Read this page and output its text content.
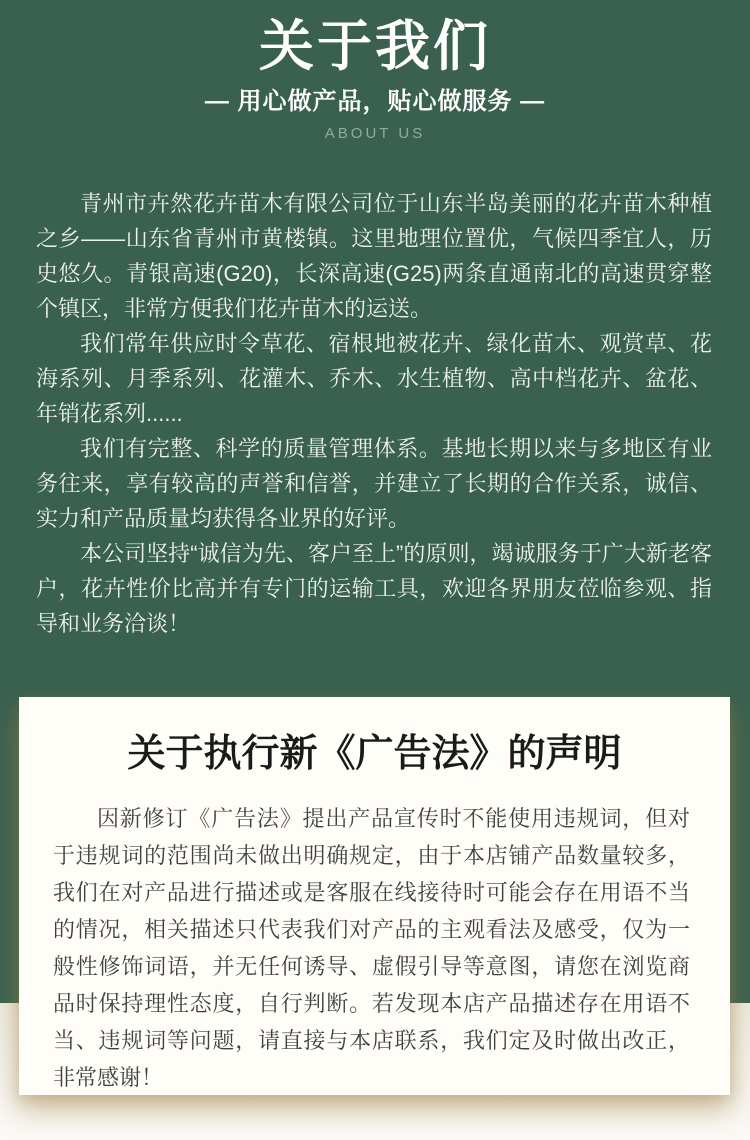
关于我们
— 用心做产品，贴心做服务 —
ABOUT US

青州市卉然花卉苗木有限公司位于山东半岛美丽的花卉苗木种植之乡——山东省青州市黄楼镇。这里地理位置优，气候四季宜人，历史悠久。青银高速(G20)，长深高速(G25)两条直通南北的高速贯穿整个镇区，非常方便我们花卉苗木的运送。

我们常年供应时令草花、宿根地被花卉、绿化苗木、观赏草、花海系列、月季系列、花灌木、乔木、水生植物、高中档花卉、盆花、年销花系列......

我们有完整、科学的质量管理体系。基地长期以来与多地区有业务往来，享有较高的声誉和信誉，并建立了长期的合作关系，诚信、实力和产品质量均获得各业界的好评。

本公司坚持“诚信为先、客户至上”的原则，竭诚服务于广大新老客户，花卉性价比高并有专门的运输工具，欢迎各界朋友莅临参观、指导和业务洽谈！

关于执行新《广告法》的声明

因新修订《广告法》提出产品宣传时不能使用违规词，但对于违规词的范围尚未做出明确规定，由于本店铺产品数量较多，我们在对产品进行描述或是客服在线接待时可能会存在用语不当的情况，相关描述只代表我们对产品的主观看法及感受，仅为一般性修饰词语，并无任何诱导、虚假引导等意图，请您在浏览商品时保持理性态度，自行判断。若发现本店产品描述存在用语不当、违规词等问题，请直接与本店联系，我们定及时做出改正，非常感谢！
